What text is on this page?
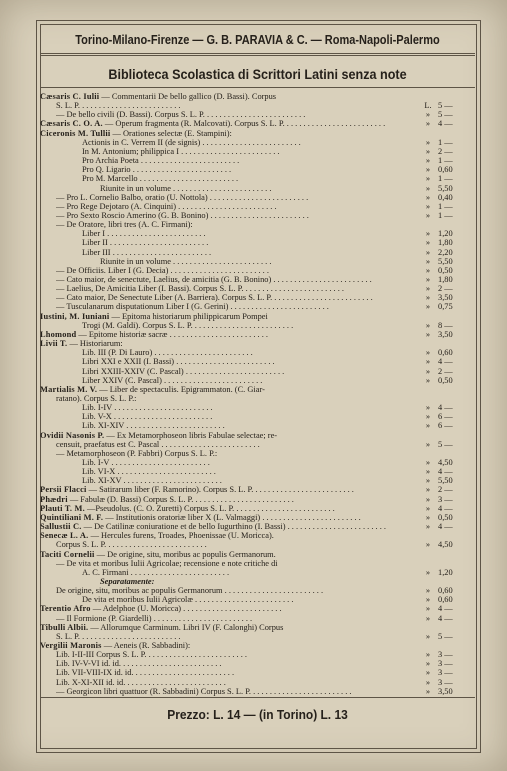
Torino-Milano-Firenze — G. B. PARAVIA & C. — Roma-Napoli-Palermo
Biblioteca Scolastica di Scrittori Latini senza note
Cæsaris C. Iulii — Commentarii De bello gallico (D. Bassi). Corpus
S. L. P. . . . . . . . . . . . . . . . . . . . . . . . .	L. 5 —
— De bello civili (D. Bassi). Corpus S. L. P. . . . . . . . . . . . . . . . . . . . . . . . .	» 5 —
Cæsaris C. O. A. — Operum fragmenta (R. Malcovati). Corpus S. L. P. . . . . . . . . . . . . . . . . . . . . . . . .	» 4 —
Ciceronis M. Tullii — Orationes selectæ (E. Stampini):
Actionis in C. Verrem II (de signis) . . . . . . . . . . . . . . . . . . . . . . . .	» 1 —
In M. Antonium; philippica I . . . . . . . . . . . . . . . . . . . . . . . .	» 2 —
Pro Archia Poeta . . . . . . . . . . . . . . . . . . . . . . . .	» 1 —
Pro Q. Ligario . . . . . . . . . . . . . . . . . . . . . . . .	» 0,60
Pro M. Marcello . . . . . . . . . . . . . . . . . . . . . . . .	» 1 —
Riunite in un volume . . . . . . . . . . . . . . . . . . . . . . . .	» 5,50
— Pro L. Cornelio Balbo, oratio (U. Nottola) . . . . . . . . . . . . . . . . . . . . . . . .	» 0,40
— Pro Rege Dejotaro (A. Cinquini) . . . . . . . . . . . . . . . . . . . . . . . .	» 1 —
— Pro Sexto Roscio Amerino (G. B. Bonino) . . . . . . . . . . . . . . . . . . . . . . . .	» 1 —
— De Oratore, libri tres (A. C. Firmani):
Liber I . . . . . . . . . . . . . . . . . . . . . . . .	» 1,20
Liber II . . . . . . . . . . . . . . . . . . . . . . . .	» 1,80
Liber III . . . . . . . . . . . . . . . . . . . . . . . .	» 2,20
Riunite in un volume . . . . . . . . . . . . . . . . . . . . . . . .	» 5,50
— De Officiis. Liber I (G. Decia) . . . . . . . . . . . . . . . . . . . . . . . .	» 0,50
— Cato maior, de senectute, Laelius, de amicitia (G. B. Bonino) . . . . . . . . . . . . . . . . . . . . . . . .	» 1,80
— Laelius, De Amicitia Liber (I. Bassi). Corpus S. L. P. . . . . . . . . . . . . . . . . . . . . . . . .	» 2 —
— Cato maior, De Senectute Liber (A. Barriera). Corpus S. L. P. . . . . . . . . . . . . . . . . . . . . . . . .	» 3,50
— Tusculanarum disputationum Liber I (G. Gerini) . . . . . . . . . . . . . . . . . . . . . . . .	» 0,75
Iustini, M. Iuniani — Epitoma historiarum philippicarum Pompei
Trogi (M. Galdi). Corpus S. L. P. . . . . . . . . . . . . . . . . . . . . . . . .	» 8 —
Lhomond — Epitome historiæ sacræ . . . . . . . . . . . . . . . . . . . . . . . .	» 3,50
Livii T. — Historiarum:
Lib. III (P. Di Lauro) . . . . . . . . . . . . . . . . . . . . . . . .	» 0,60
Libri XXI e XXII (I. Bassi) . . . . . . . . . . . . . . . . . . . . . . . .	» 4 —
Libri XXIII-XXIV (C. Pascal) . . . . . . . . . . . . . . . . . . . . . . . .	» 2 —
Liber XXIV (C. Pascal) . . . . . . . . . . . . . . . . . . . . . . . .	» 0,50
Martialis M. V. — Liber de spectaculis. Epigrammaton. (C. Giar-
ratano). Corpus S. L. P.:
Lib. I-IV . . . . . . . . . . . . . . . . . . . . . . . .	» 4 —
Lib. V-X . . . . . . . . . . . . . . . . . . . . . . . .	» 6 —
Lib. XI-XIV . . . . . . . . . . . . . . . . . . . . . . . .	» 6 —
Ovidii Nasonis P. — Ex Metamorphoseon libris Fabulae selectae; re-
censuit, praefatus est C. Pascal . . . . . . . . . . . . . . . . . . . . . . . .	» 5 —
— Metamorphoseon (P. Fabbri) Corpus S. L. P.:
Lib. I-V . . . . . . . . . . . . . . . . . . . . . . . .	» 4,50
Lib. VI-X . . . . . . . . . . . . . . . . . . . . . . . .	» 4 —
Lib. XI-XV . . . . . . . . . . . . . . . . . . . . . . . .	» 5,50
Persii Flacci — Satirarum liber (F. Ramorino). Corpus S. L. P. . . . . . . . . . . . . . . . . . . . . . . . .	» 2 —
Phædri — Fabulæ (D. Bassi) Corpus S. L. P. . . . . . . . . . . . . . . . . . . . . . . . .	» 3 —
Plauti T. M. —Pseudolus. (C. O. Zuretti) Corpus S. L. P. . . . . . . . . . . . . . . . . . . . . . . . .	» 4 —
Quintiliani M. F. — Institutionis oratoriæ liber X (L. Valmaggi) . . . . . . . . . . . . . . . . . . . . . . . .	» 0,50
Sallustii C. — De Catilinæ coniuratione et de bello Iugurthino (I. Bassi) . . . . . . . . . . . . . . . . . . . . . . . .	» 4 —
Senecæ L. A. — Hercules furens, Troades, Phoenissae (U. Moricca).
Corpus S. L. P. . . . . . . . . . . . . . . . . . . . . . . . .	» 4,50
Taciti Cornelii — De origine, situ, moribus ac populis Germanorum.
— De vita et moribus Iulii Agricolae; recensione e note critiche di
A. C. Firmani . . . . . . . . . . . . . . . . . . . . . . . .	» 1,20
Separatamente:
De origine, situ, moribus ac populis Germanorum . . . . . . . . . . . . . . . . . . . . . . . .	» 0,60
De vita et moribus Iulii Agricolæ . . . . . . . . . . . . . . . . . . . . . . . .	» 0,60
Terentio Afro — Adelphoe (U. Moricca) . . . . . . . . . . . . . . . . . . . . . . . .	» 4 —
— Il Formione (P. Giardelli) . . . . . . . . . . . . . . . . . . . . . . . .	» 4 —
Tibulli Albii. — Allorumque Carminum. Libri IV (F. Calonghi) Corpus
S. L. P. . . . . . . . . . . . . . . . . . . . . . . . .	» 5 —
Vergilii Maronis — Aeneis (R. Sabbadini):
Lib. I-II-III Corpus S. L. P. . . . . . . . . . . . . . . . . . . . . . . . .	» 3 —
Lib. IV-V-VI id. id. . . . . . . . . . . . . . . . . . . . . . . . .	» 3 —
Lib. VII-VIII-IX id. id. . . . . . . . . . . . . . . . . . . . . . . . .	» 3 —
Lib. X-XI-XII id. id. . . . . . . . . . . . . . . . . . . . . . . . .	» 3 —
— Georgicon libri quattuor (R. Sabbadini) Corpus S. L. P. . . . . . . . . . . . . . . . . . . . . . . . .	» 3,50
Prezzo: L. 14 — (in Torino) L. 13
